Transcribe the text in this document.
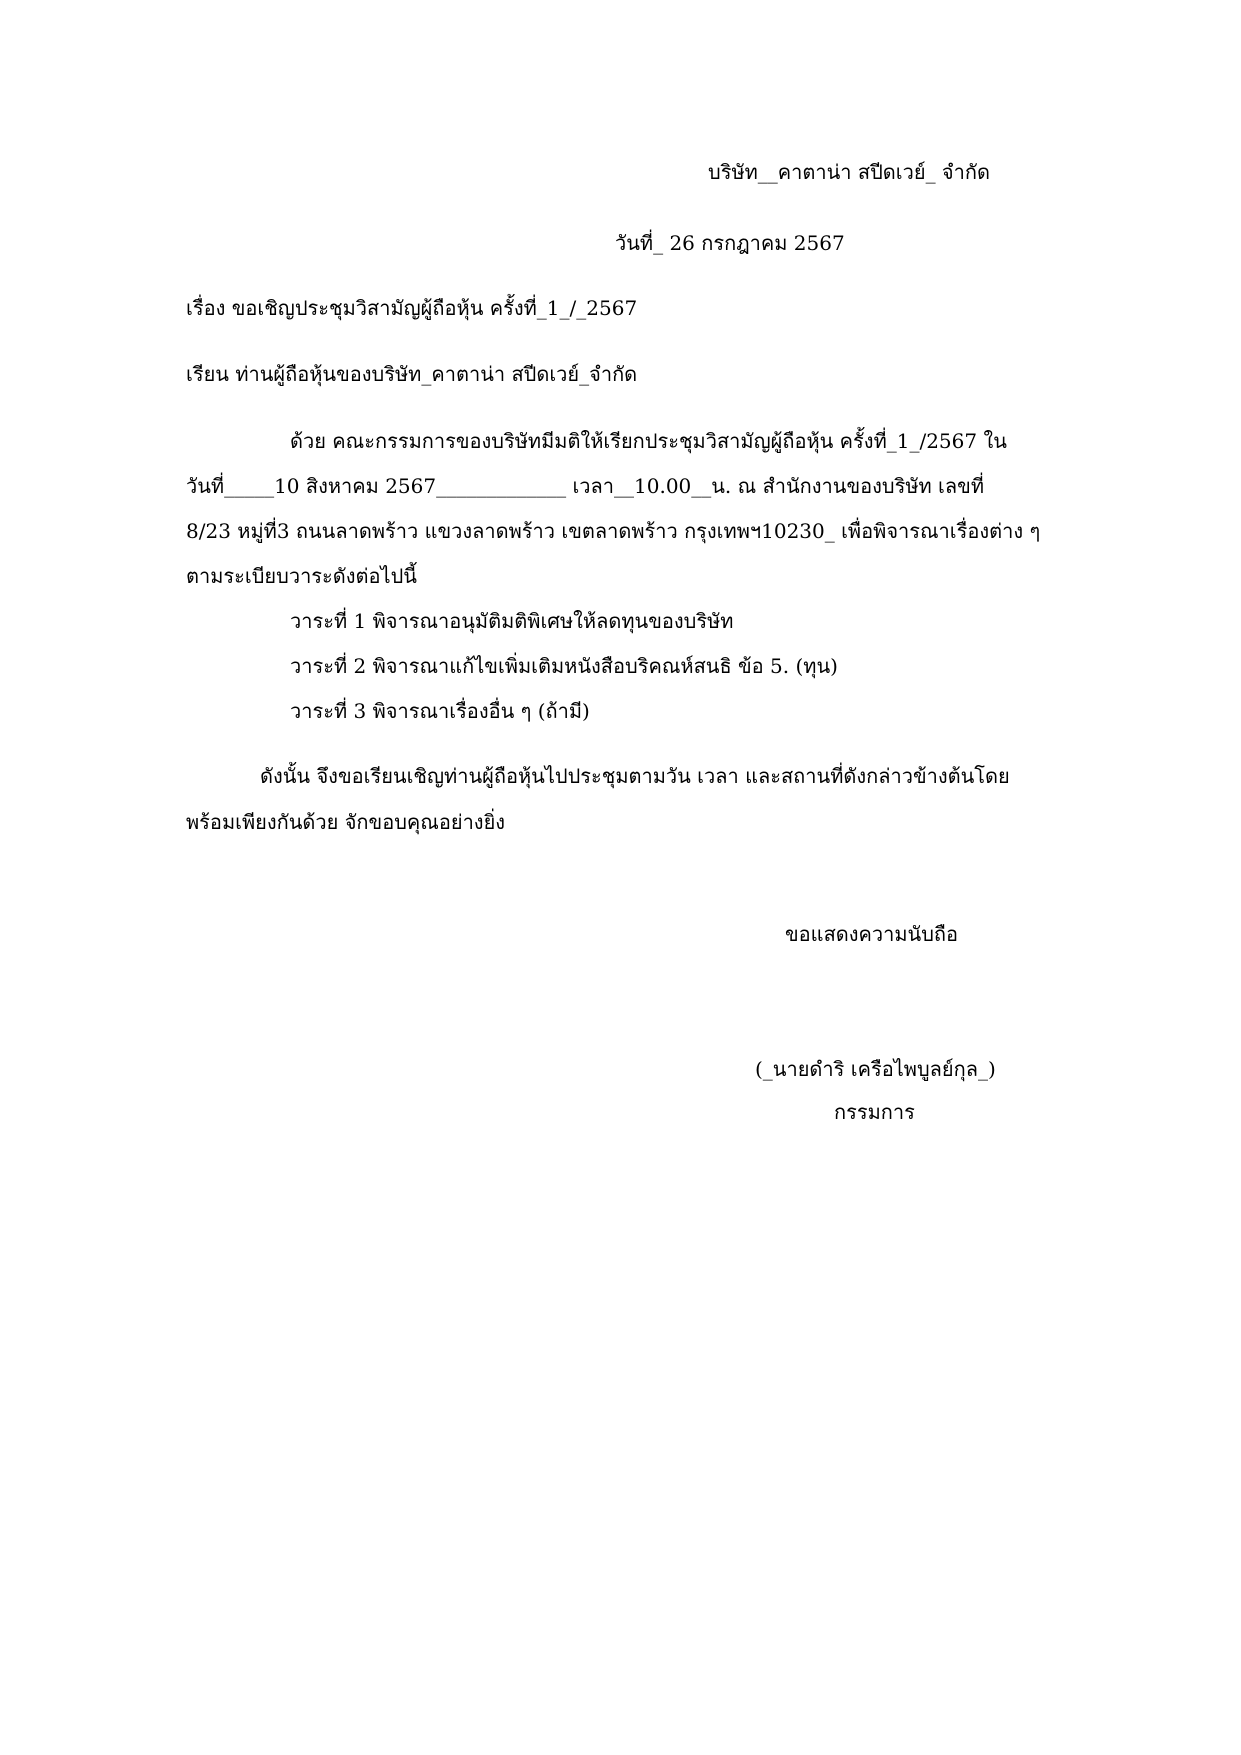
บริษัท__คาตาน่า สปีดเวย์_ จำกัด
วันที่_ 26 กรกฎาคม 2567
เรื่อง ขอเชิญประชุมวิสามัญผู้ถือหุ้น ครั้งที่_1_/_2567
เรียน ท่านผู้ถือหุ้นของบริษัท_คาตาน่า สปีดเวย์_จำกัด
ด้วย คณะกรรมการของบริษัทมีมติให้เรียกประชุมวิสามัญผู้ถือหุ้น ครั้งที่_1_/2567 ใน
วันที่_____10 สิงหาคม 2567_____________ เวลา__10.00__น. ณ สำนักงานของบริษัท เลขที่
8/23 หมู่ที่3 ถนนลาดพร้าว แขวงลาดพร้าว เขตลาดพร้าว กรุงเทพฯ10230_ เพื่อพิจารณาเรื่องต่าง ๆ
ตามระเบียบวาระดังต่อไปนี้
วาระที่ 1 พิจารณาอนุมัติมติพิเศษให้ลดทุนของบริษัท
วาระที่ 2 พิจารณาแก้ไขเพิ่มเติมหนังสือบริคณห์สนธิ ข้อ 5. (ทุน)
วาระที่ 3 พิจารณาเรื่องอื่น ๆ (ถ้ามี)
ดังนั้น จึงขอเรียนเชิญท่านผู้ถือหุ้นไปประชุมตามวัน เวลา และสถานที่ดังกล่าวข้างต้นโดย
พร้อมเพียงกันด้วย จักขอบคุณอย่างยิ่ง
ขอแสดงความนับถือ
(_นายดำริ เครือไพบูลย์กุล_)
กรรมการ
